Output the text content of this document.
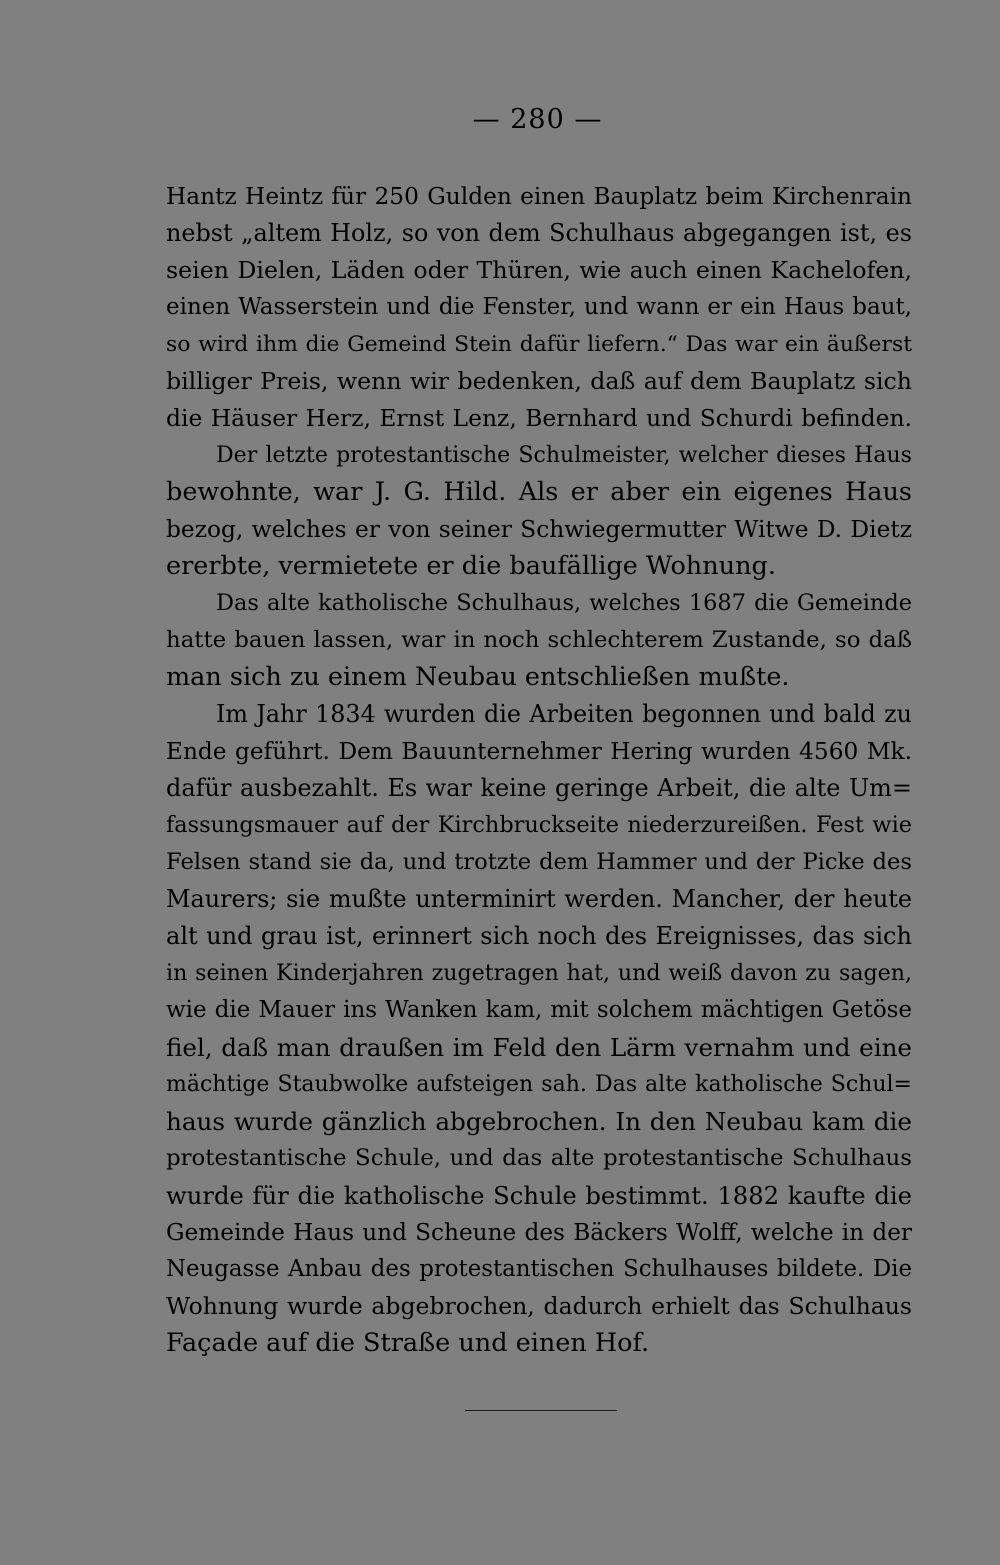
— 280 —
Hantz Heintz für 250 Gulden einen Bauplatz beim Kirchenrain
nebst „altem Holz, so von dem Schulhaus abgegangen ist, es
seien Dielen, Läden oder Thüren, wie auch einen Kachelofen,
einen Wasserstein und die Fenster, und wann er ein Haus baut,
so wird ihm die Gemeind Stein dafür liefern.“ Das war ein äußerst
billiger Preis, wenn wir bedenken, daß auf dem Bauplatz sich
die Häuser Herz, Ernst Lenz, Bernhard und Schurdi befinden.
Der letzte protestantische Schulmeister, welcher dieses Haus
bewohnte, war J. G. Hild. Als er aber ein eigenes Haus
bezog, welches er von seiner Schwiegermutter Witwe D. Dietz
ererbte, vermietete er die baufällige Wohnung.
Das alte katholische Schulhaus, welches 1687 die Gemeinde
hatte bauen lassen, war in noch schlechterem Zustande, so daß
man sich zu einem Neubau entschließen mußte.
Im Jahr 1834 wurden die Arbeiten begonnen und bald zu
Ende geführt. Dem Bauunternehmer Hering wurden 4560 Mk.
dafür ausbezahlt. Es war keine geringe Arbeit, die alte Um=
fassungsmauer auf der Kirchbruckseite niederzureißen. Fest wie
Felsen stand sie da, und trotzte dem Hammer und der Picke des
Maurers; sie mußte unterminirt werden. Mancher, der heute
alt und grau ist, erinnert sich noch des Ereignisses, das sich
in seinen Kinderjahren zugetragen hat, und weiß davon zu sagen,
wie die Mauer ins Wanken kam, mit solchem mächtigen Getöse
fiel, daß man draußen im Feld den Lärm vernahm und eine
mächtige Staubwolke aufsteigen sah. Das alte katholische Schul=
haus wurde gänzlich abgebrochen. In den Neubau kam die
protestantische Schule, und das alte protestantische Schulhaus
wurde für die katholische Schule bestimmt. 1882 kaufte die
Gemeinde Haus und Scheune des Bäckers Wolff, welche in der
Neugasse Anbau des protestantischen Schulhauses bildete. Die
Wohnung wurde abgebrochen, dadurch erhielt das Schulhaus
Façade auf die Straße und einen Hof.
